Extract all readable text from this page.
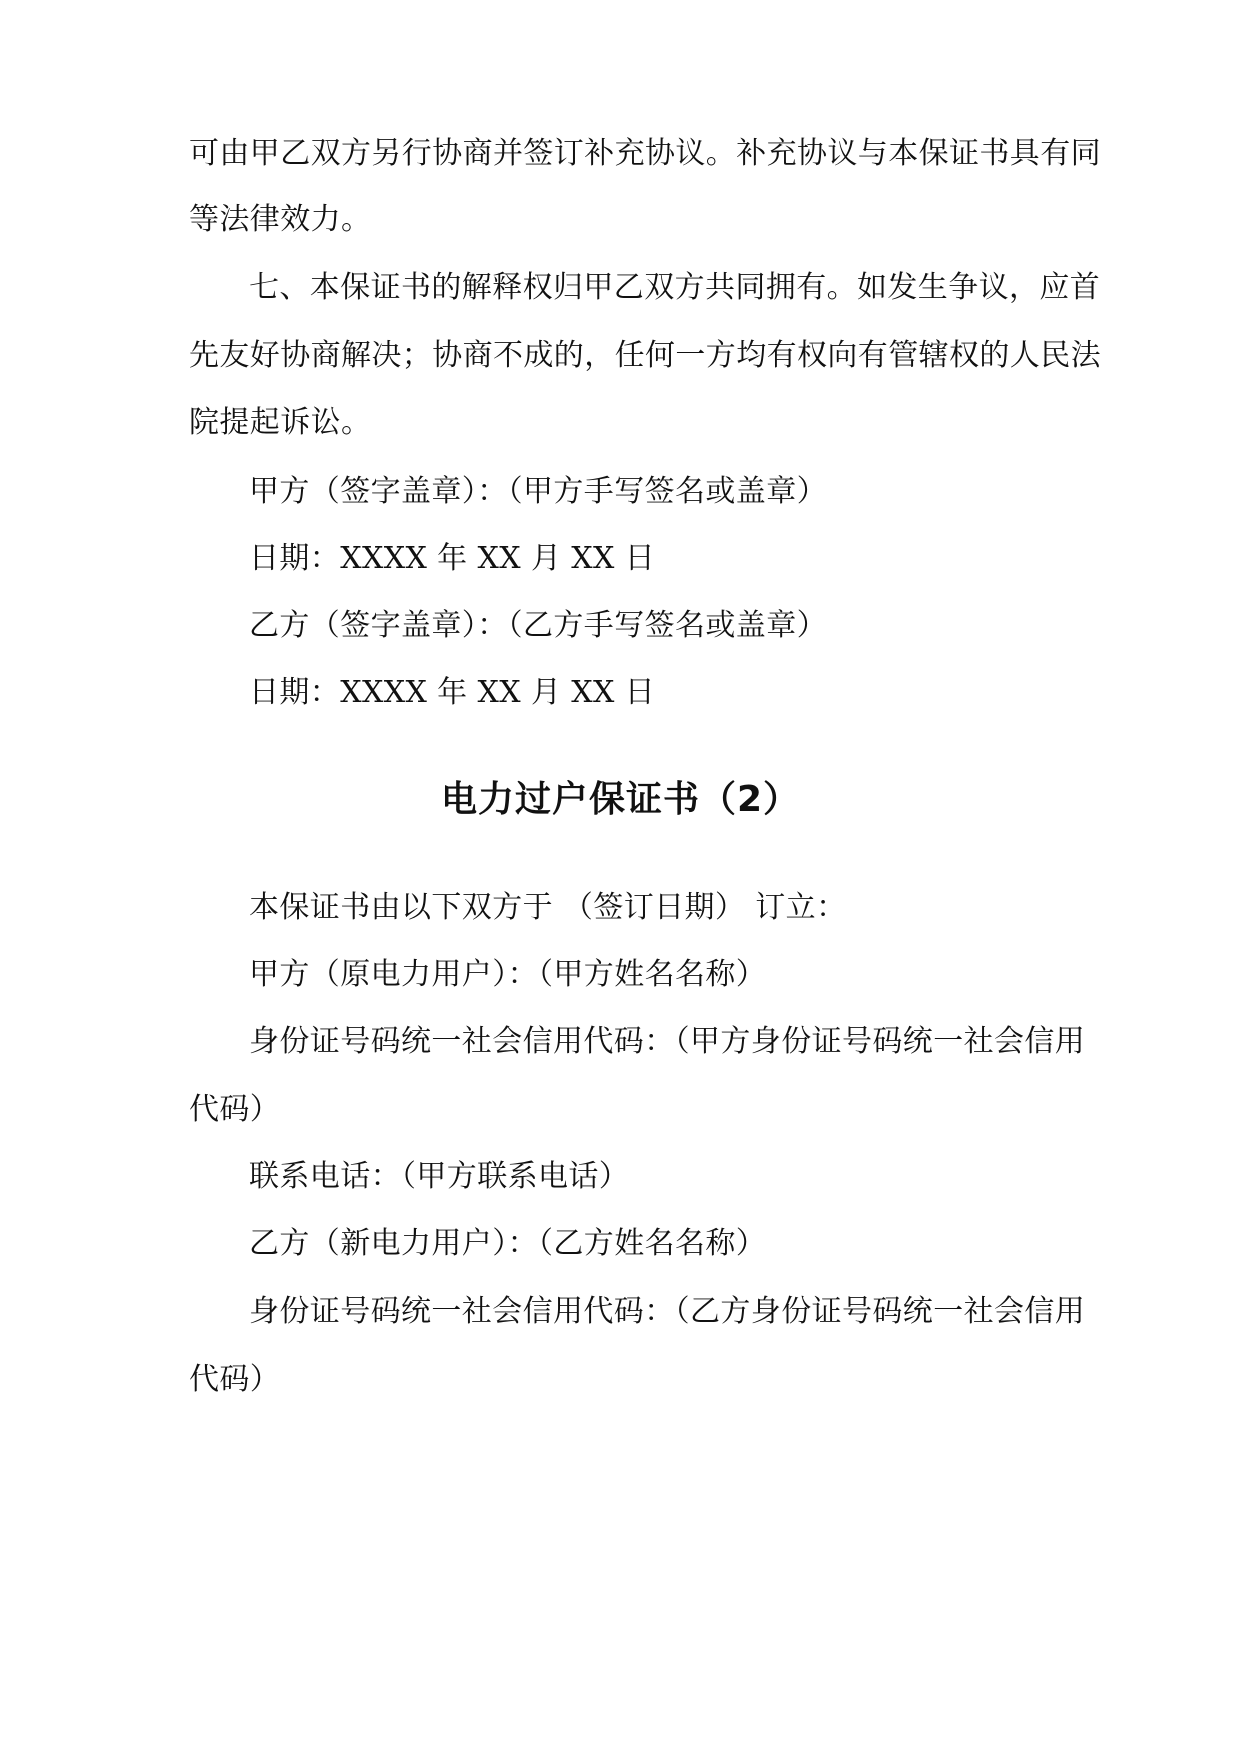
可由甲乙双方另行协商并签订补充协议。补充协议与本保证书具有同
等法律效力。
七、本保证书的解释权归甲乙双方共同拥有。如发生争议，应首
先友好协商解决；协商不成的，任何一方均有权向有管辖权的人民法
院提起诉讼。
甲方（签字盖章）：（甲方手写签名或盖章）
日期：XXXX 年 XX 月 XX 日
乙方（签字盖章）：（乙方手写签名或盖章）
日期：XXXX 年 XX 月 XX 日
电力过户保证书（2）
本保证书由以下双方于 （签订日期） 订立：
甲方（原电力用户）：（甲方姓名名称）
身份证号码统一社会信用代码：（甲方身份证号码统一社会信用
代码）
联系电话：（甲方联系电话）
乙方（新电力用户）：（乙方姓名名称）
身份证号码统一社会信用代码：（乙方身份证号码统一社会信用
代码）
